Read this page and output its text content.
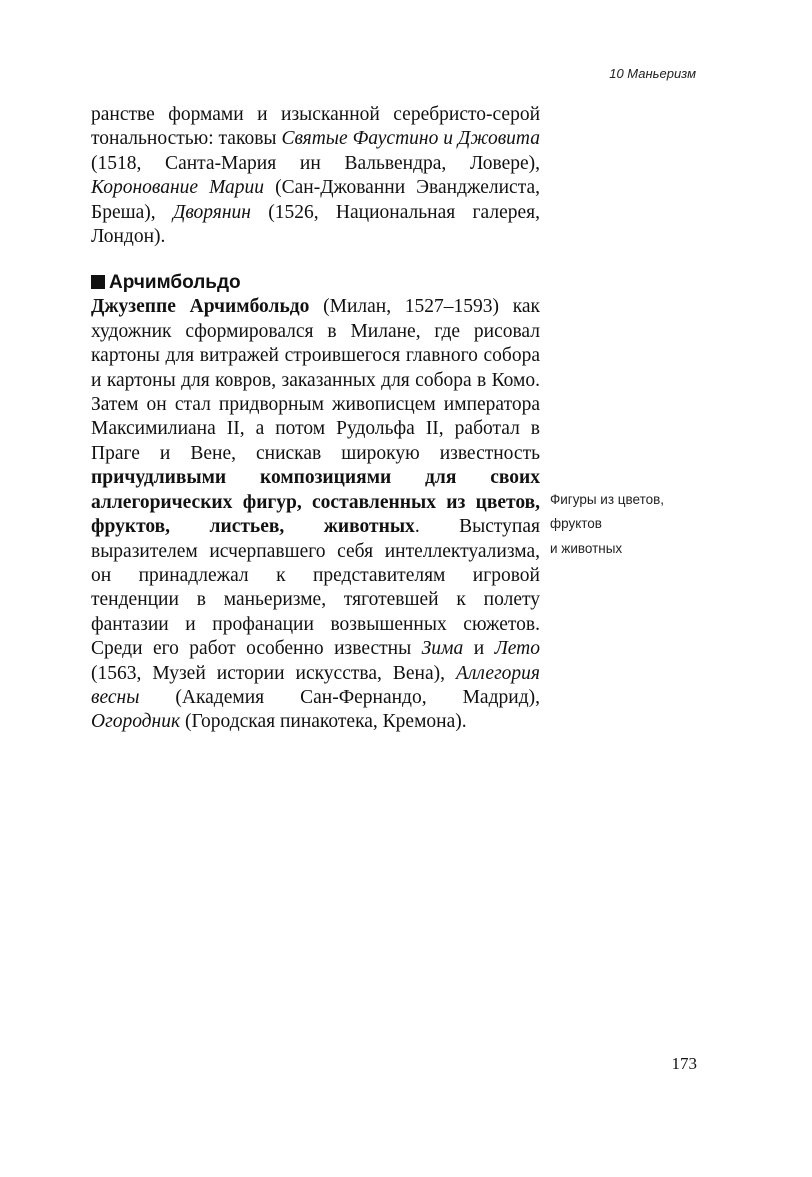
10 Маньеризм

ранстве формами и изысканной серебристо-серой тональностью: таковы Святые Фаустино и Джовита (1518, Санта-Мария ин Вальвендра, Ловере), Коронование Марии (Сан-Джованни Эванджелиста, Бреша), Дворянин (1526, Национальная галерея, Лондон).

Арчимбольдо

Джузеппе Арчимбольдо (Милан, 1527–1593) как художник сформировался в Милане, где рисовал картоны для витражей строившегося главного собора и картоны для ковров, заказанных для собора в Комо. Затем он стал придворным живописцем императора Максимилиана II, а потом Рудольфа II, работал в Праге и Вене, снискав широкую известность причудливыми композициями для своих аллегорических фигур, составленных из цветов, фруктов, листьев, животных. Выступая выразителем исчерпавшего себя интеллектуализма, он принадлежал к представителям игровой тенденции в маньеризме, тяготевшей к полету фантазии и профанации возвышенных сюжетов. Среди его работ особенно известны Зима и Лето (1563, Музей истории искусства, Вена), Аллегория весны (Академия Сан-Фернандо, Мадрид), Огородник (Городская пинакотека, Кремона).

Фигуры из цветов,
фруктов
и животных
173
